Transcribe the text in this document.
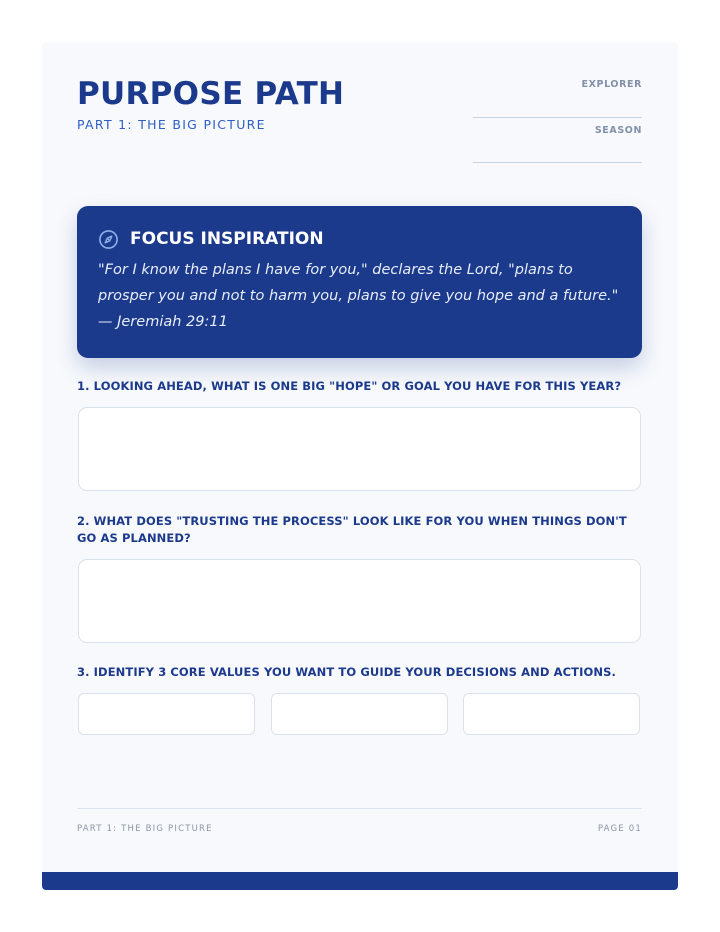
PURPOSE PATH
PART 1: THE BIG PICTURE
EXPLORER
SEASON
FOCUS INSPIRATION

"For I know the plans I have for you," declares the Lord, "plans to prosper you and not to harm you, plans to give you hope and a future." — Jeremiah 29:11

1. LOOKING AHEAD, WHAT IS ONE BIG "HOPE" OR GOAL YOU HAVE FOR THIS YEAR?

2. WHAT DOES "TRUSTING THE PROCESS" LOOK LIKE FOR YOU WHEN THINGS DON'T GO AS PLANNED?

3. IDENTIFY 3 CORE VALUES YOU WANT TO GUIDE YOUR DECISIONS AND ACTIONS.

PART 1: THE BIG PICTURE	PAGE 01
